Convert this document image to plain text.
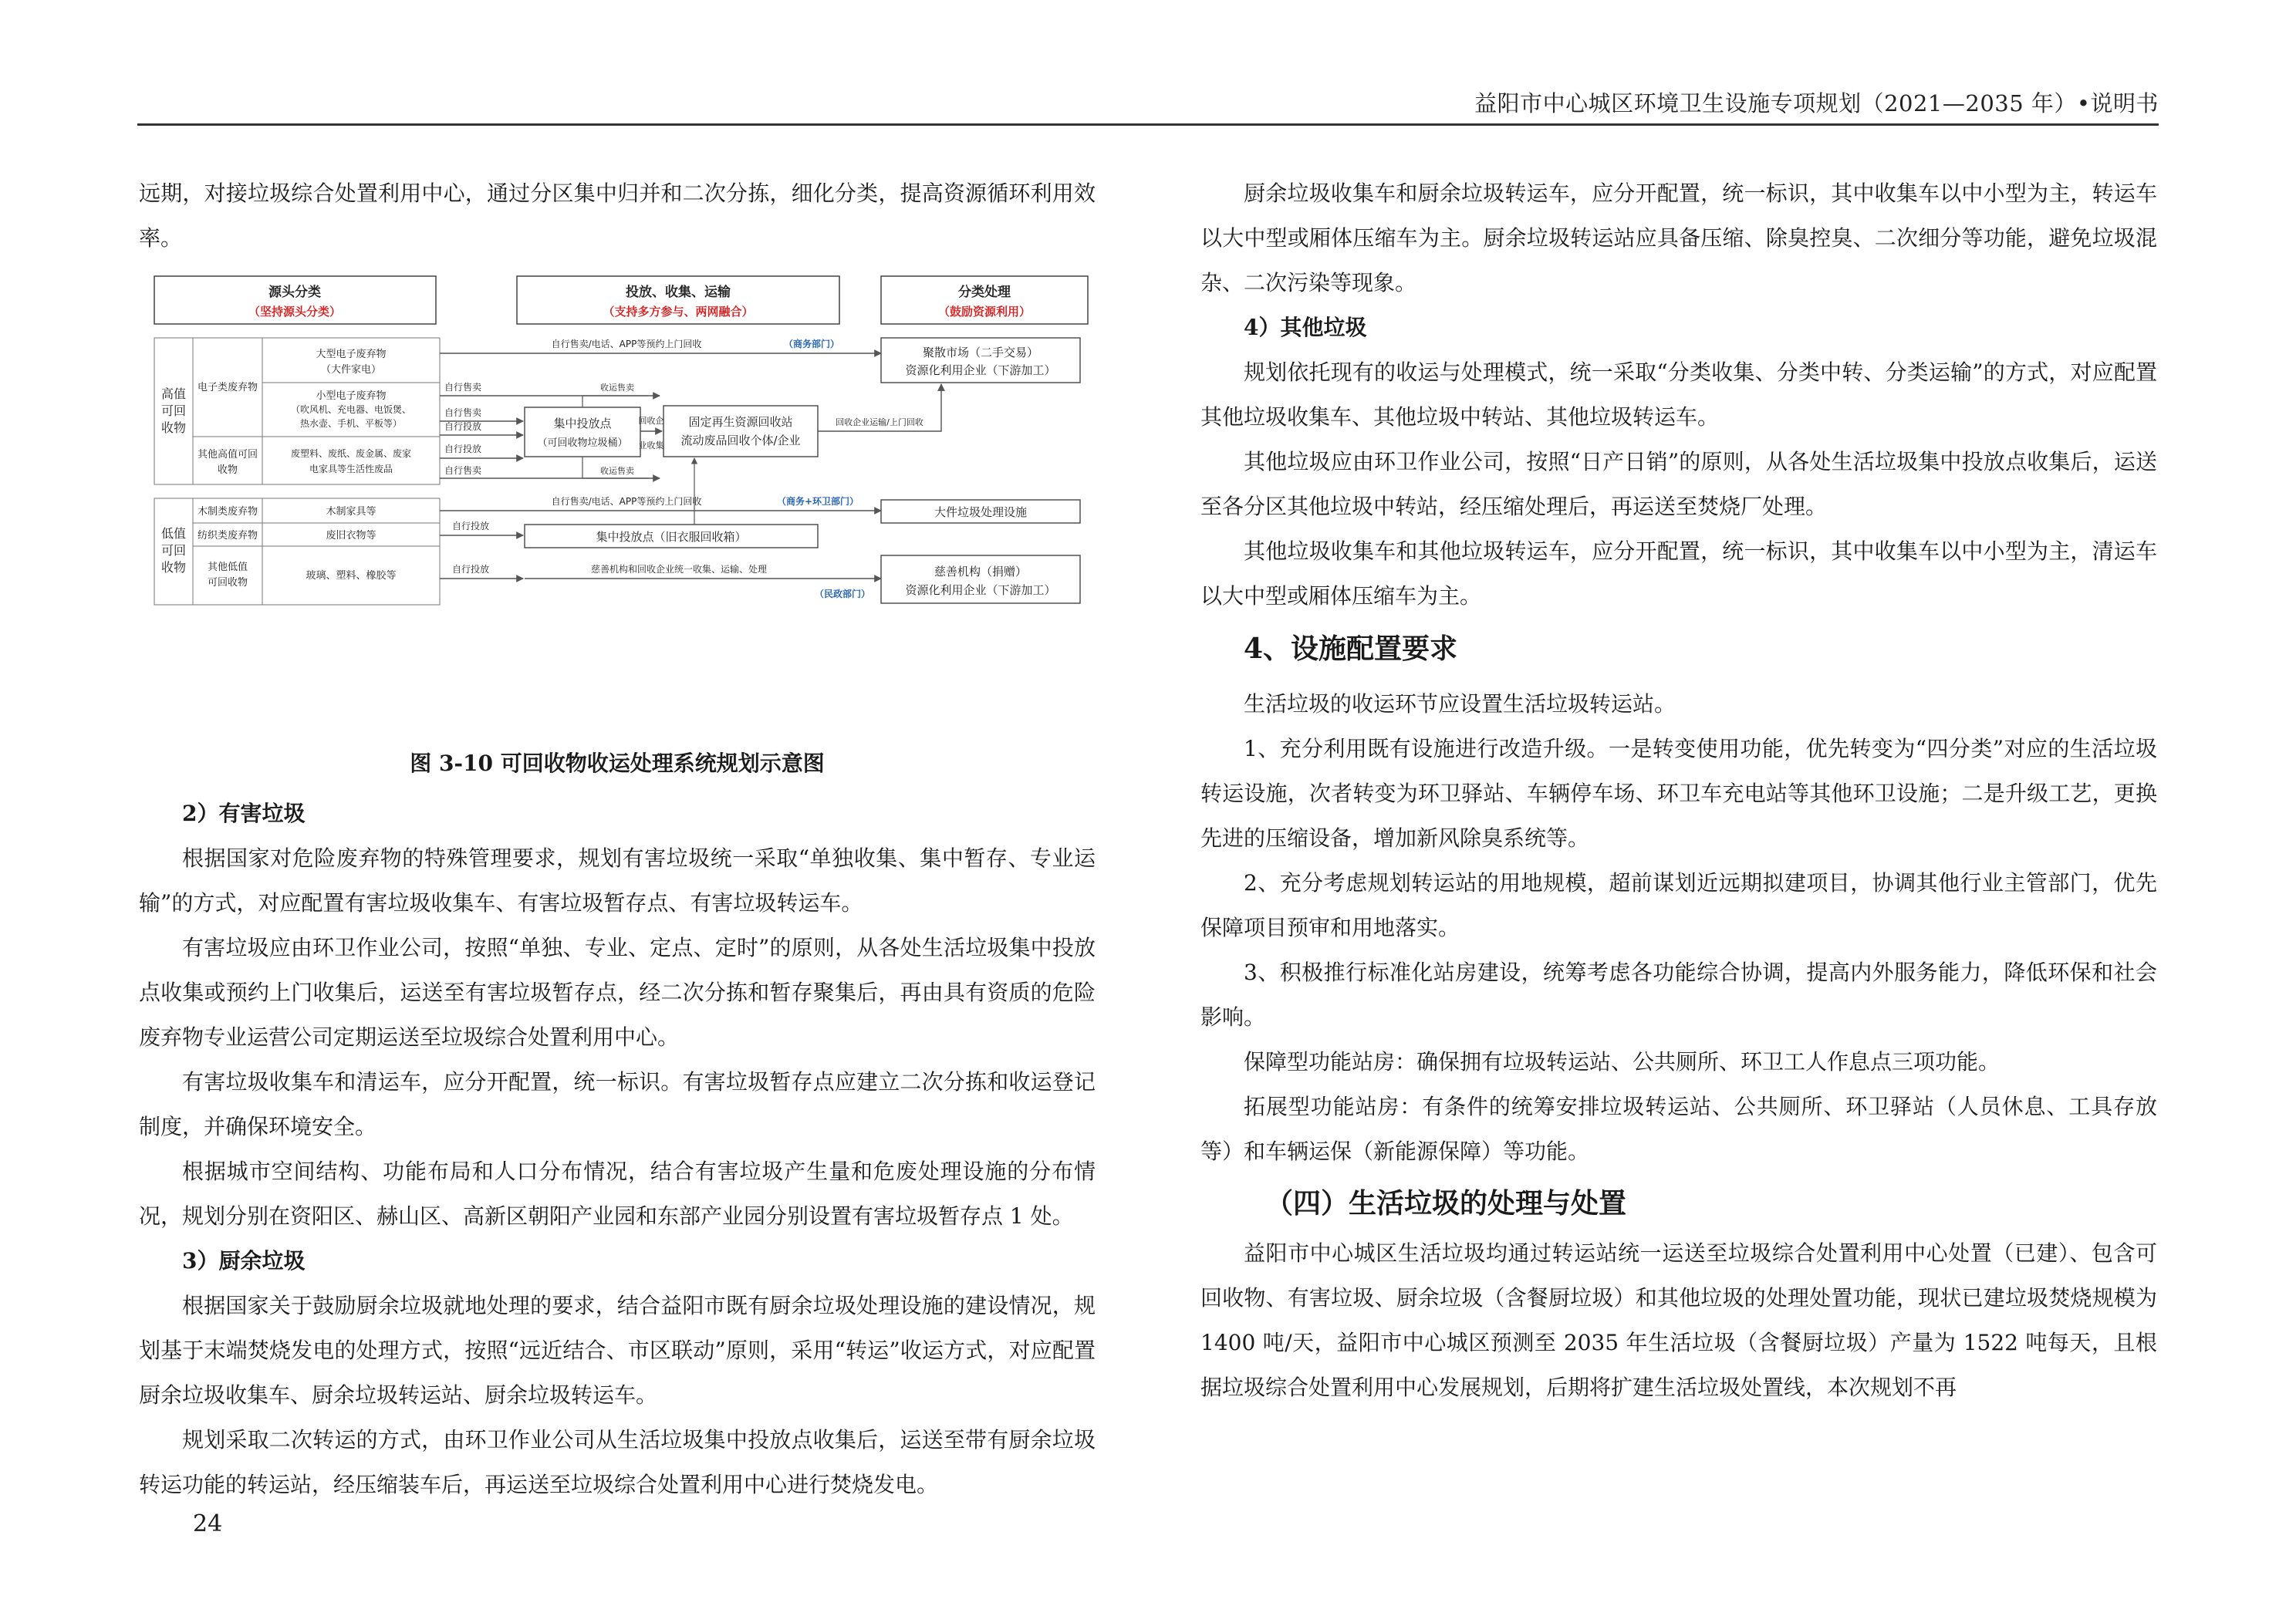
益阳市中心城区环境卫生设施专项规划（2021—2035 年）•说明书

远期，对接垃圾综合处置利用中心，通过分区集中归并和二次分拣，细化分类，提高资源循环利用效率。

源头分类
（坚持源头分类）
投放、收集、运输
（支持多方参与、两网融合）
分类处理
（鼓励资源利用）
高值
可回
收物
电子类废弃物
其他高值可回
收物
大型电子废弃物
（大件家电）
小型电子废弃物
（吹风机、充电器、电饭煲、
热水壶、手机、平板等）
废塑料、废纸、废金属、废家
电家具等生活性废品
自行售卖
自行售卖
自行投放
自行投放
自行售卖
自行售卖/电话、APP等预约上门回收	（商务部门）
集中投放点
（可回收物垃圾桶）
固定再生资源回收站
流动废品回收个体/企业
回收企
业收集
收运售卖
收运售卖
回收企业运输/上门回收
聚散市场（二手交易）
资源化利用企业（下游加工）
低值
可回
收物
木制类废弃物
纺织类废弃物
其他低值
可回收物
木制家具等
废旧衣物等
玻璃、塑料、橡胶等
自行售卖/电话、APP等预约上门回收	（商务+环卫部门）
自行投放
自行投放
集中投放点（旧衣服回收箱）
慈善机构和回收企业统一收集、运输、处理
（民政部门）
大件垃圾处理设施
慈善机构（捐赠）
资源化利用企业（下游加工）
图 3-10 可回收物收运处理系统规划示意图

2）有害垃圾

根据国家对危险废弃物的特殊管理要求，规划有害垃圾统一采取“单独收集、集中暂存、专业运输”的方式，对应配置有害垃圾收集车、有害垃圾暂存点、有害垃圾转运车。

有害垃圾应由环卫作业公司，按照“单独、专业、定点、定时”的原则，从各处生活垃圾集中投放点收集或预约上门收集后，运送至有害垃圾暂存点，经二次分拣和暂存聚集后，再由具有资质的危险废弃物专业运营公司定期运送至垃圾综合处置利用中心。

有害垃圾收集车和清运车，应分开配置，统一标识。有害垃圾暂存点应建立二次分拣和收运登记制度，并确保环境安全。

根据城市空间结构、功能布局和人口分布情况，结合有害垃圾产生量和危废处理设施的分布情况，规划分别在资阳区、赫山区、高新区朝阳产业园和东部产业园分别设置有害垃圾暂存点 1 处。

3）厨余垃圾

根据国家关于鼓励厨余垃圾就地处理的要求，结合益阳市既有厨余垃圾处理设施的建设情况，规划基于末端焚烧发电的处理方式，按照“远近结合、市区联动”原则，采用“转运”收运方式，对应配置厨余垃圾收集车、厨余垃圾转运站、厨余垃圾转运车。

规划采取二次转运的方式，由环卫作业公司从生活垃圾集中投放点收集后，运送至带有厨余垃圾转运功能的转运站，经压缩装车后，再运送至垃圾综合处置利用中心进行焚烧发电。

厨余垃圾收集车和厨余垃圾转运车，应分开配置，统一标识，其中收集车以中小型为主，转运车以大中型或厢体压缩车为主。厨余垃圾转运站应具备压缩、除臭控臭、二次细分等功能，避免垃圾混杂、二次污染等现象。

4）其他垃圾

规划依托现有的收运与处理模式，统一采取“分类收集、分类中转、分类运输”的方式，对应配置其他垃圾收集车、其他垃圾中转站、其他垃圾转运车。

其他垃圾应由环卫作业公司，按照“日产日销”的原则，从各处生活垃圾集中投放点收集后，运送至各分区其他垃圾中转站，经压缩处理后，再运送至焚烧厂处理。

其他垃圾收集车和其他垃圾转运车，应分开配置，统一标识，其中收集车以中小型为主，清运车以大中型或厢体压缩车为主。

4、设施配置要求

生活垃圾的收运环节应设置生活垃圾转运站。

1、充分利用既有设施进行改造升级。一是转变使用功能，优先转变为“四分类”对应的生活垃圾转运设施，次者转变为环卫驿站、车辆停车场、环卫车充电站等其他环卫设施；二是升级工艺，更换先进的压缩设备，增加新风除臭系统等。

2、充分考虑规划转运站的用地规模，超前谋划近远期拟建项目，协调其他行业主管部门，优先保障项目预审和用地落实。

3、积极推行标准化站房建设，统筹考虑各功能综合协调，提高内外服务能力，降低环保和社会影响。

保障型功能站房：确保拥有垃圾转运站、公共厕所、环卫工人作息点三项功能。

拓展型功能站房：有条件的统筹安排垃圾转运站、公共厕所、环卫驿站（人员休息、工具存放等）和车辆运保（新能源保障）等功能。

（四）生活垃圾的处理与处置

益阳市中心城区生活垃圾均通过转运站统一运送至垃圾综合处置利用中心处置（已建）、包含可回收物、有害垃圾、厨余垃圾（含餐厨垃圾）和其他垃圾的处理处置功能，现状已建垃圾焚烧规模为 1400 吨/天，益阳市中心城区预测至 2035 年生活垃圾（含餐厨垃圾）产量为 1522 吨每天，且根据垃圾综合处置利用中心发展规划，后期将扩建生活垃圾处置线，本次规划不再

24
